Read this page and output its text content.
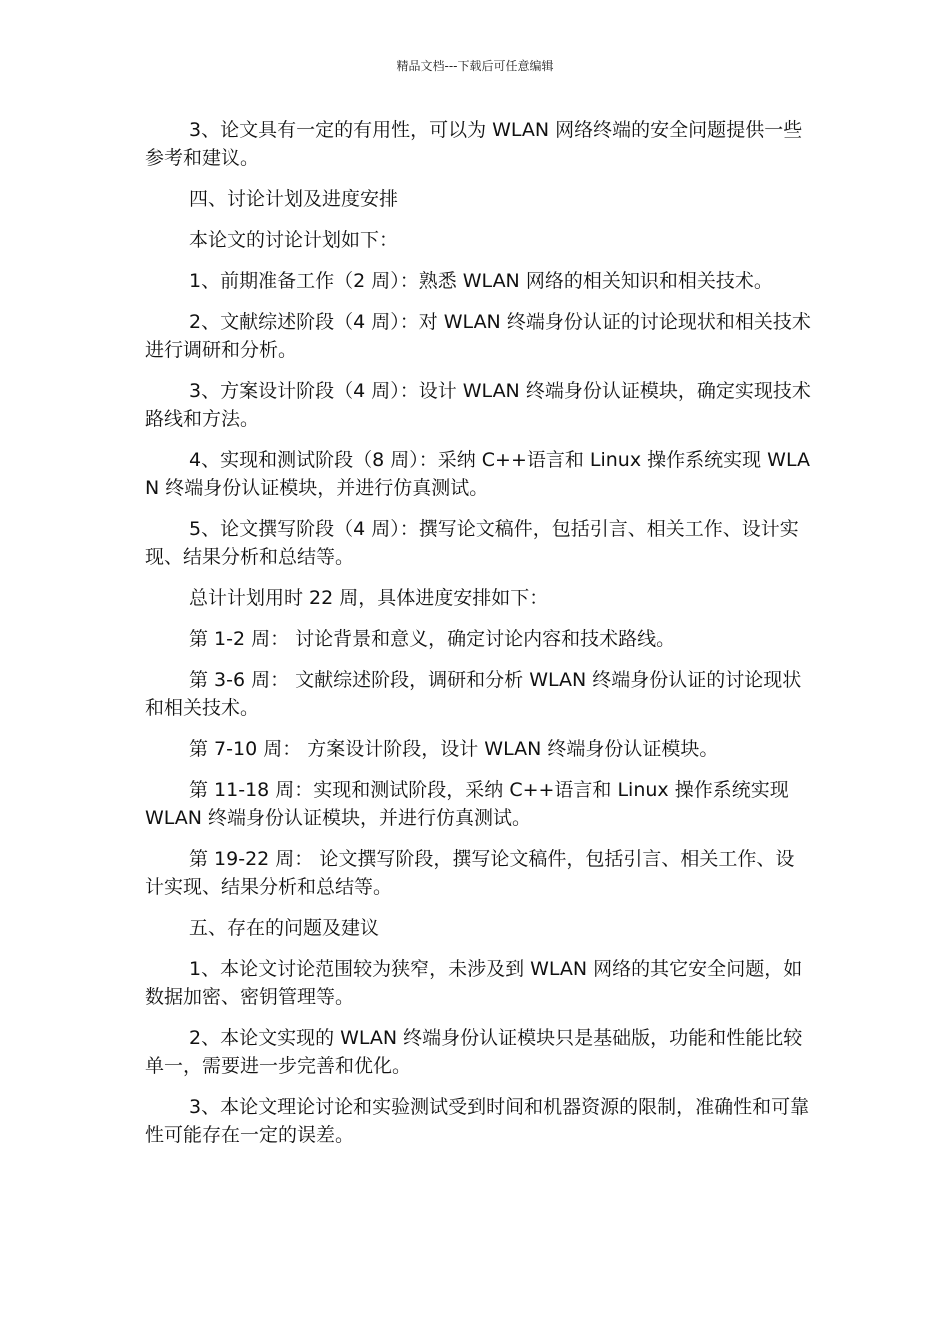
精品文档---下载后可任意编辑

3、论文具有一定的有用性，可以为 WLAN 网络终端的安全问题提供一些参考和建议。

四、讨论计划及进度安排

本论文的讨论计划如下：

1、前期准备工作（2 周）：熟悉 WLAN 网络的相关知识和相关技术。

2、文献综述阶段（4 周）：对 WLAN 终端身份认证的讨论现状和相关技术进行调研和分析。

3、方案设计阶段（4 周）：设计 WLAN 终端身份认证模块，确定实现技术路线和方法。

4、实现和测试阶段（8 周）：采纳 C++语言和 Linux 操作系统实现 WLAN 终端身份认证模块，并进行仿真测试。

5、论文撰写阶段（4 周）：撰写论文稿件，包括引言、相关工作、设计实现、结果分析和总结等。

总计计划用时 22 周，具体进度安排如下：

第 1-2 周： 讨论背景和意义，确定讨论内容和技术路线。

第 3-6 周： 文献综述阶段，调研和分析 WLAN 终端身份认证的讨论现状和相关技术。

第 7-10 周： 方案设计阶段，设计 WLAN 终端身份认证模块。

第 11-18 周：实现和测试阶段，采纳 C++语言和 Linux 操作系统实现 WLAN 终端身份认证模块，并进行仿真测试。

第 19-22 周： 论文撰写阶段，撰写论文稿件，包括引言、相关工作、设计实现、结果分析和总结等。

五、存在的问题及建议

1、本论文讨论范围较为狭窄，未涉及到 WLAN 网络的其它安全问题，如数据加密、密钥管理等。

2、本论文实现的 WLAN 终端身份认证模块只是基础版，功能和性能比较单一，需要进一步完善和优化。

3、本论文理论讨论和实验测试受到时间和机器资源的限制，准确性和可靠性可能存在一定的误差。
